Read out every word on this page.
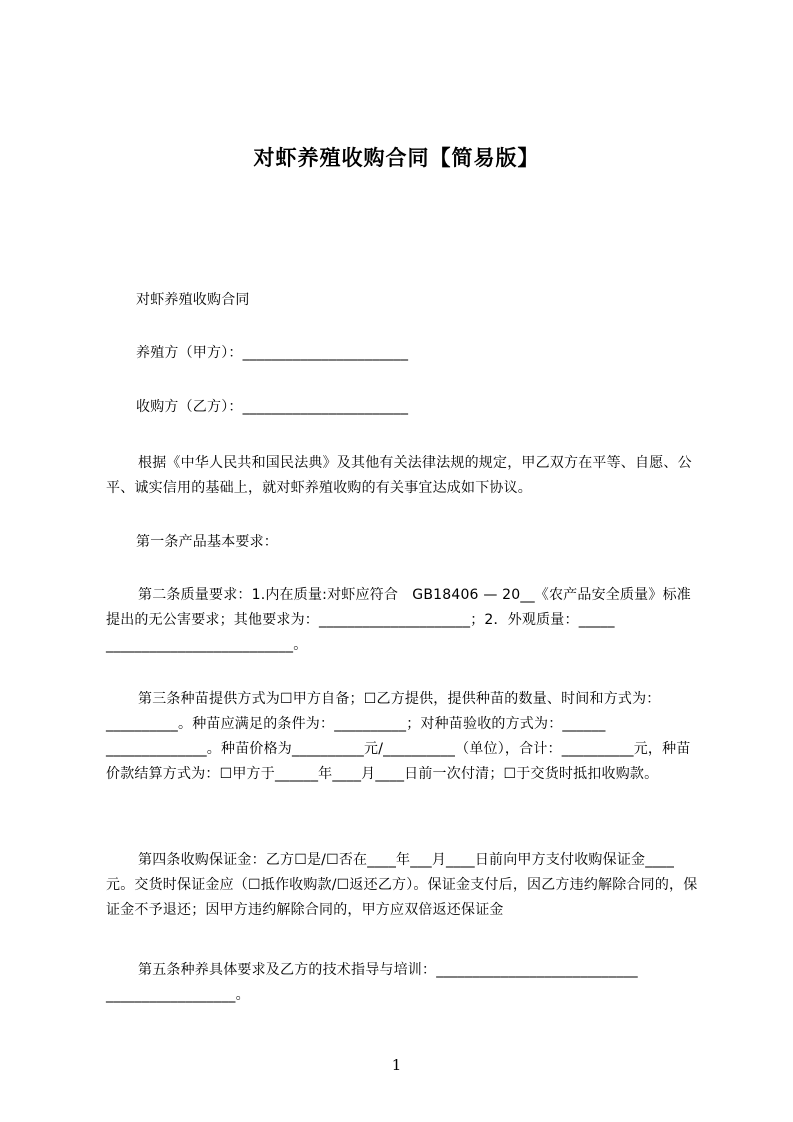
对虾养殖收购合同【简易版】
对虾养殖收购合同
养殖方（甲方）：_______________________
收购方（乙方）：_______________________
根据《中华人民共和国民法典》及其他有关法律法规的规定，甲乙双方在平等、自愿、公平、诚实信用的基础上，就对虾养殖收购的有关事宜达成如下协议。
第一条产品基本要求：
第二条质量要求：1.内在质量:对虾应符合　GB18406 — 20__《农产品安全质量》标准提出的无公害要求；其他要求为：_____________________；2．外观质量：_____ __________________________。
第三条种苗提供方式为☐甲方自备；☐乙方提供，提供种苗的数量、时间和方式为：__________。种苗应满足的条件为：__________；对种苗验收的方式为：______ ______________。种苗价格为__________元/__________（单位），合计：__________元，种苗价款结算方式为：☐甲方于______年____月____日前一次付清；☐于交货时抵扣收购款。
第四条收购保证金：乙方☐是/☐否在____年___月____日前向甲方支付收购保证金____元。交货时保证金应（☐抵作收购款/☐返还乙方）。保证金支付后，因乙方违约解除合同的，保证金不予退还；因甲方违约解除合同的，甲方应双倍返还保证金
第五条种养具体要求及乙方的技术指导与培训：____________________________ __________________。
1
